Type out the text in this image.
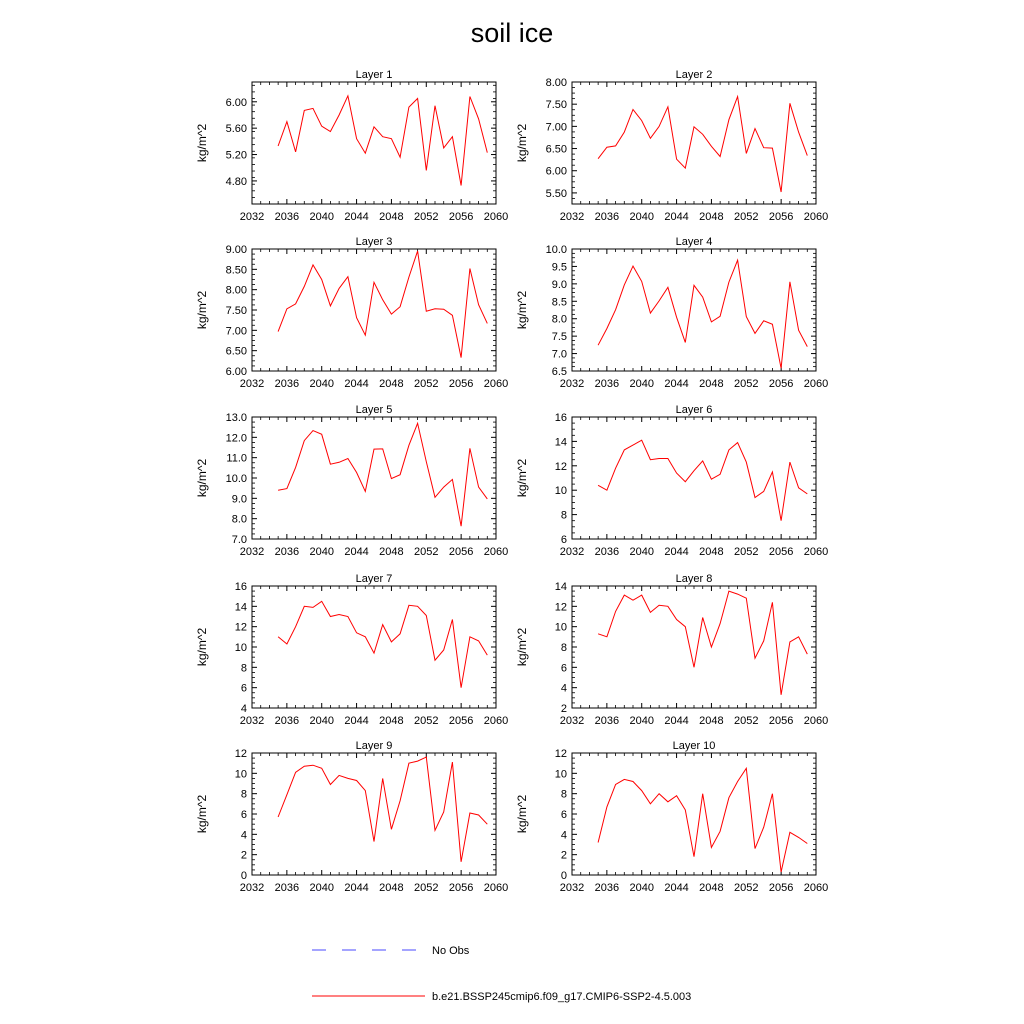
soil ice
Layer 1
2032 2036 2040 2044 2048 2052 2056 2060
4.80
5.20
5.60
6.00
kg/m^2
Layer 2
2032 2036 2040 2044 2048 2052 2056 2060
5.50
6.00
6.50
7.00
7.50
8.00
kg/m^2
Layer 3
2032 2036 2040 2044 2048 2052 2056 2060
6.00
6.50
7.00
7.50
8.00
8.50
9.00
kg/m^2
Layer 4
2032 2036 2040 2044 2048 2052 2056 2060
6.5
7.0
7.5
8.0
8.5
9.0
9.5
10.0
kg/m^2
Layer 5
2032 2036 2040 2044 2048 2052 2056 2060
7.0
8.0
9.0
10.0
11.0
12.0
13.0
kg/m^2
Layer 6
2032 2036 2040 2044 2048 2052 2056 2060
6
8
10
12
14
16
kg/m^2
Layer 7
2032 2036 2040 2044 2048 2052 2056 2060
4
6
8
10
12
14
16
kg/m^2
Layer 8
2032 2036 2040 2044 2048 2052 2056 2060
2
4
6
8
10
12
14
kg/m^2
Layer 9
2032 2036 2040 2044 2048 2052 2056 2060
0
2
4
6
8
10
12
kg/m^2
Layer 10
2032 2036 2040 2044 2048 2052 2056 2060
0
2
4
6
8
10
12
kg/m^2
No Obs
b.e21.BSSP245cmip6.f09_g17.CMIP6-SSP2-4.5.003
